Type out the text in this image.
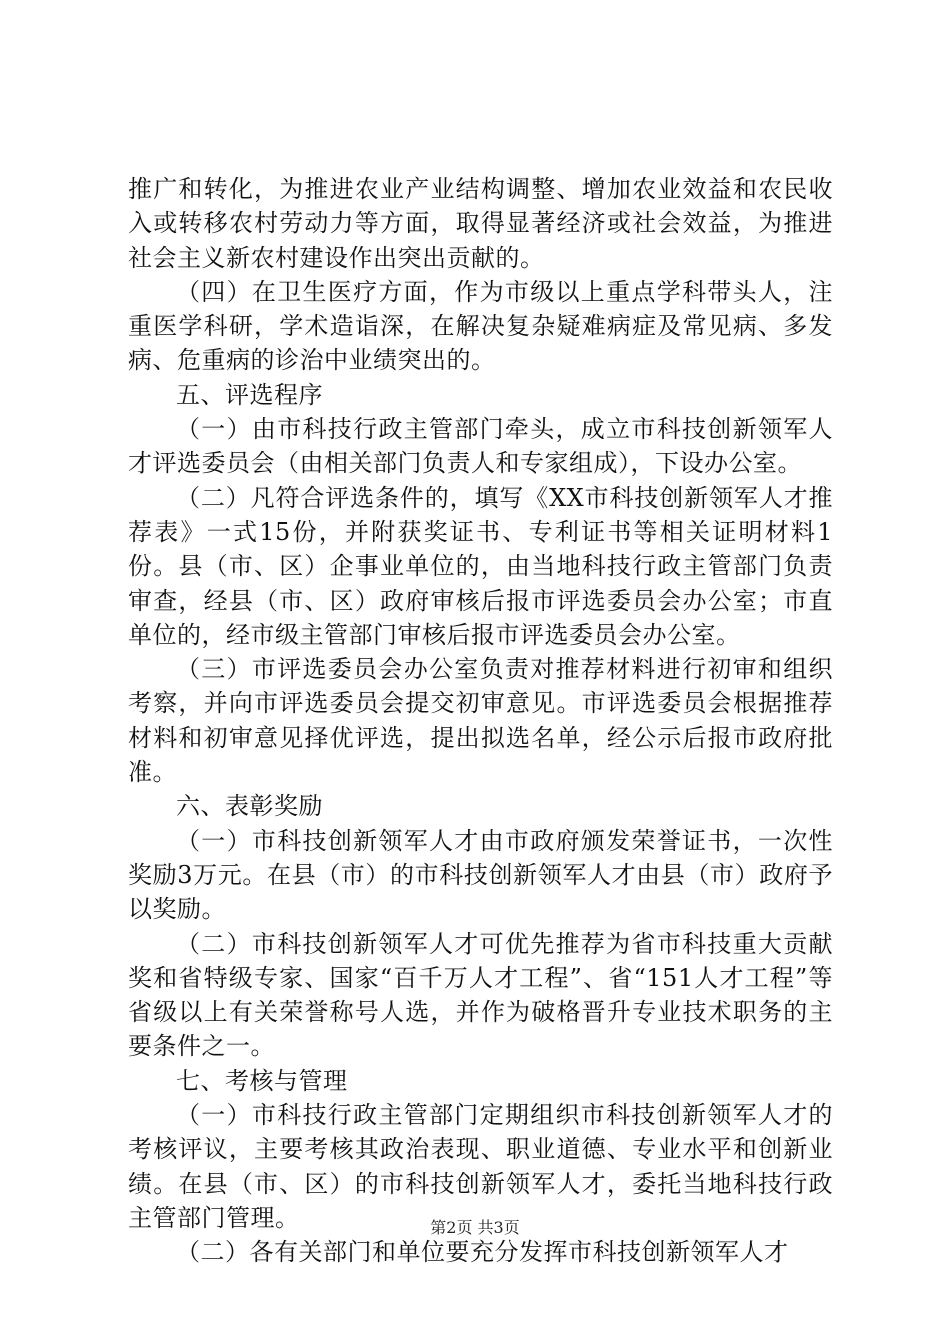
推广和转化，为推进农业产业结构调整、增加农业效益和农民收入或转移农村劳动力等方面，取得显著经济或社会效益，为推进社会主义新农村建设作出突出贡献的。

（四）在卫生医疗方面，作为市级以上重点学科带头人，注重医学科研，学术造诣深，在解决复杂疑难病症及常见病、多发病、危重病的诊治中业绩突出的。

五、评选程序

（一）由市科技行政主管部门牵头，成立市科技创新领军人才评选委员会（由相关部门负责人和专家组成），下设办公室。

（二）凡符合评选条件的，填写《XX市科技创新领军人才推荐表》一式15份，并附获奖证书、专利证书等相关证明材料1份。县（市、区）企事业单位的，由当地科技行政主管部门负责审查，经县（市、区）政府审核后报市评选委员会办公室；市直单位的，经市级主管部门审核后报市评选委员会办公室。

（三）市评选委员会办公室负责对推荐材料进行初审和组织考察，并向市评选委员会提交初审意见。市评选委员会根据推荐材料和初审意见择优评选，提出拟选名单，经公示后报市政府批准。

六、表彰奖励

（一）市科技创新领军人才由市政府颁发荣誉证书，一次性奖励3万元。在县（市）的市科技创新领军人才由县（市）政府予以奖励。

（二）市科技创新领军人才可优先推荐为省市科技重大贡献奖和省特级专家、国家“百千万人才工程”、省“151人才工程”等省级以上有关荣誉称号人选，并作为破格晋升专业技术职务的主要条件之一。

七、考核与管理

（一）市科技行政主管部门定期组织市科技创新领军人才的考核评议，主要考核其政治表现、职业道德、专业水平和创新业绩。在县（市、区）的市科技创新领军人才，委托当地科技行政主管部门管理。

（二）各有关部门和单位要充分发挥市科技创新领军人才

第2页 共3页
